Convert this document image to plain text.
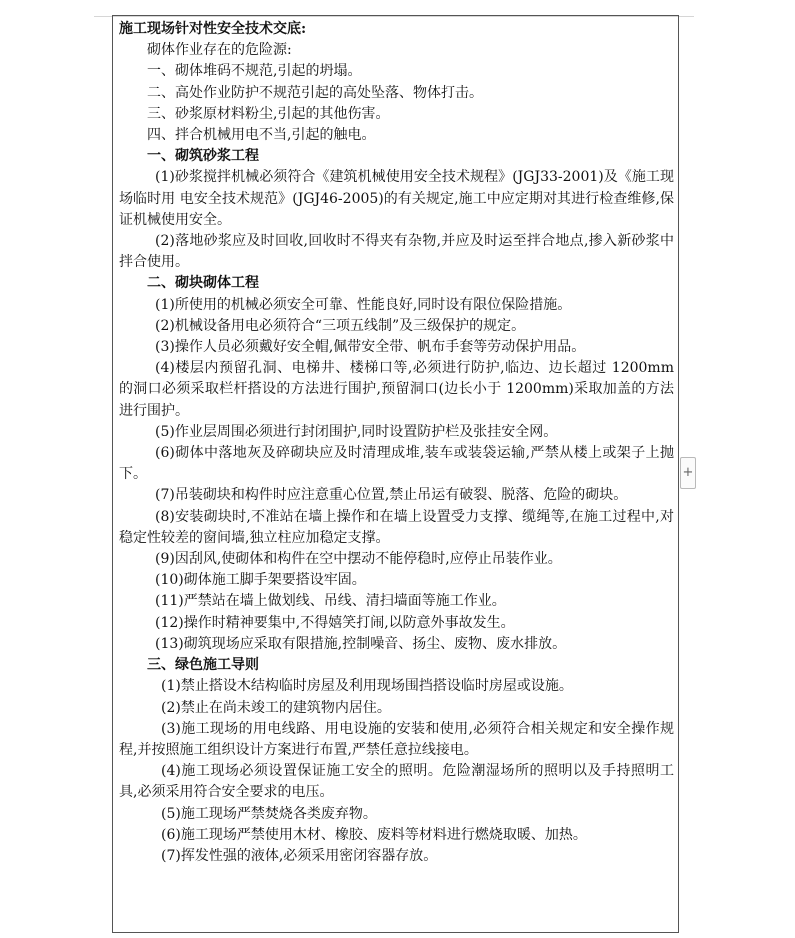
施工现场针对性安全技术交底:

砌体作业存在的危险源:

一、砌体堆码不规范,引起的坍塌。

二、高处作业防护不规范引起的高处坠落、物体打击。

三、砂浆原材料粉尘,引起的其他伤害。

四、拌合机械用电不当,引起的触电。

一、砌筑砂浆工程

(1)砂浆搅拌机械必须符合《建筑机械使用安全技术规程》(JGJ33-2001)及《施工现场临时用 电安全技术规范》(JGJ46-2005)的有关规定,施工中应定期对其进行检查维修,保证机械使用安全。

(2)落地砂浆应及时回收,回收时不得夹有杂物,并应及时运至拌合地点,掺入新砂浆中拌合使用。

二、砌块砌体工程

(1)所使用的机械必须安全可靠、性能良好,同时设有限位保险措施。

(2)机械设备用电必须符合“三项五线制”及三级保护的规定。

(3)操作人员必须戴好安全帽,佩带安全带、帆布手套等劳动保护用品。

(4)楼层内预留孔洞、电梯井、楼梯口等,必须进行防护,临边、边长超过 1200mm 的洞口必须采取栏杆搭设的方法进行围护,预留洞口(边长小于 1200mm)采取加盖的方法进行围护。

(5)作业层周围必须进行封闭围护,同时设置防护栏及张挂安全网。

(6)砌体中落地灰及碎砌块应及时清理成堆,装车或装袋运输,严禁从楼上或架子上抛下。

(7)吊装砌块和构件时应注意重心位置,禁止吊运有破裂、脱落、危险的砌块。

(8)安装砌块时,不准站在墙上操作和在墙上设置受力支撑、缆绳等,在施工过程中,对稳定性较差的窗间墙,独立柱应加稳定支撑。

(9)因刮风,使砌体和构件在空中摆动不能停稳时,应停止吊装作业。

(10)砌体施工脚手架要搭设牢固。

(11)严禁站在墙上做划线、吊线、清扫墙面等施工作业。

(12)操作时精神要集中,不得嬉笑打闹,以防意外事故发生。

(13)砌筑现场应采取有限措施,控制噪音、扬尘、废物、废水排放。

三、绿色施工导则

(1)禁止搭设木结构临时房屋及利用现场围挡搭设临时房屋或设施。

(2)禁止在尚未竣工的建筑物内居住。

(3)施工现场的用电线路、用电设施的安装和使用,必须符合相关规定和安全操作规程,并按照施工组织设计方案进行布置,严禁任意拉线接电。

(4)施工现场必须设置保证施工安全的照明。危险潮湿场所的照明以及手持照明工具,必须采用符合安全要求的电压。

(5)施工现场严禁焚烧各类废弃物。

(6)施工现场严禁使用木材、橡胶、废料等材料进行燃烧取暖、加热。

(7)挥发性强的液体,必须采用密闭容器存放。

+
